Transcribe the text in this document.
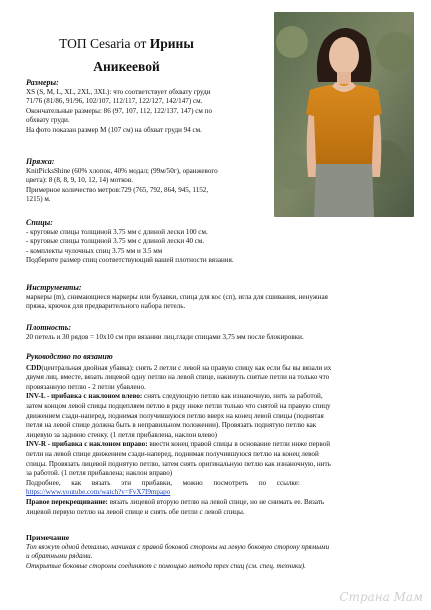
ТОП Cesaria от Ирины
Аникеевой

Размеры:

XS (S, M, L, XL, 2XL, 3XL): что соответствует обхвату груди

71/76 (81/86, 91/96, 102/107, 112/117, 122/127, 142/147) см.

Окончательные размеры: 86 (97, 107, 112, 122/137, 147) см по

обхвату груди.

На фото показан размер M (107 см) на обхват груди 94 см.

Пряжа:

KnitPicksShine (60% хлопок, 40% модал; (99м/50г), оранжевого

цвета): 8 (8, 8, 9, 10, 12, 14) мотков.

Примерное количество метров:729 (765, 792, 864, 945, 1152,

1215) м.

Спицы:

- круговые спицы толщиной 3.75 мм с длиной лески 100 см.

- круговые спицы толщиной 3.75 мм с длиной лески 40 см.

- комплекты чулочных спиц 3.75 мм и 3.5 мм

Подберите размер спиц соответствующий вашей плотности вязания.

Инструменты:

маркеры (m), снимающиеся маркеры или булавки, спица для кос (сп), игла для сшивания, ненужная

пряжа, крючок для предварительного набора петель.

Плотность:

20 петель и 30 рядов = 10x10 см при вязании лиц.глади спицами 3,75 мм после блокировки.

Руководство по вязанию

CDD(центральная двойная убавка): снять 2 петли с левой на правую спицу как если бы вы вязали их

двумя лиц. вместе, вязать лицевой одну петлю на левой спице, накинуть снятые петли на только что

провязанную петлю - 2 петли убавлено.

INV-L - прибавка с наклоном влево: снять следующую петлю как изнаночную, нить за работой,

затем концом левой спицы подцепляем петлю в ряду ниже петли только что снятой на правую спицу

движением сзади-наперед, поднимая получившуюся петлю вверх на конец левой спицы (поднятая

петля на левой спице должна быть в неправильном положении). Провязать поднятую петлю как

лицевую за заднюю стенку. (1 петля прибавлена, наклон влево)

INV-R - прибавка с наклоном вправо: ввести конец правой спицы в основание петли ниже первой

петли на левой спице движением сзади-наперед, поднимая получившуюся петлю на конец левой

спицы. Провязать лицевой поднятую петлю, затем снять оригинальную петлю как изнаночную, нить

за работой. (1 петля прибавлена; наклон вправо)

Подробнее,      как      вязать      эти      прибавки,      можно      посмотреть      по      ссылке:

https://www.youtube.com/watch?v=FvX7I9mpapo

Правое перекрещивание: вязать лицевой вторую петлю на левой спице, но не снимать ее. Вязать

лицевой первую петлю на левой спице и снять обе петли с левой спицы.

Примечание

Топ вяжут одной деталью, начиная с правой боковой стороны на левую боковую сторону прямыми

и обратными рядами.

Открытые боковые стороны соединяют с помощью метода трех спиц (см. спец. техники).

Страна Мам
